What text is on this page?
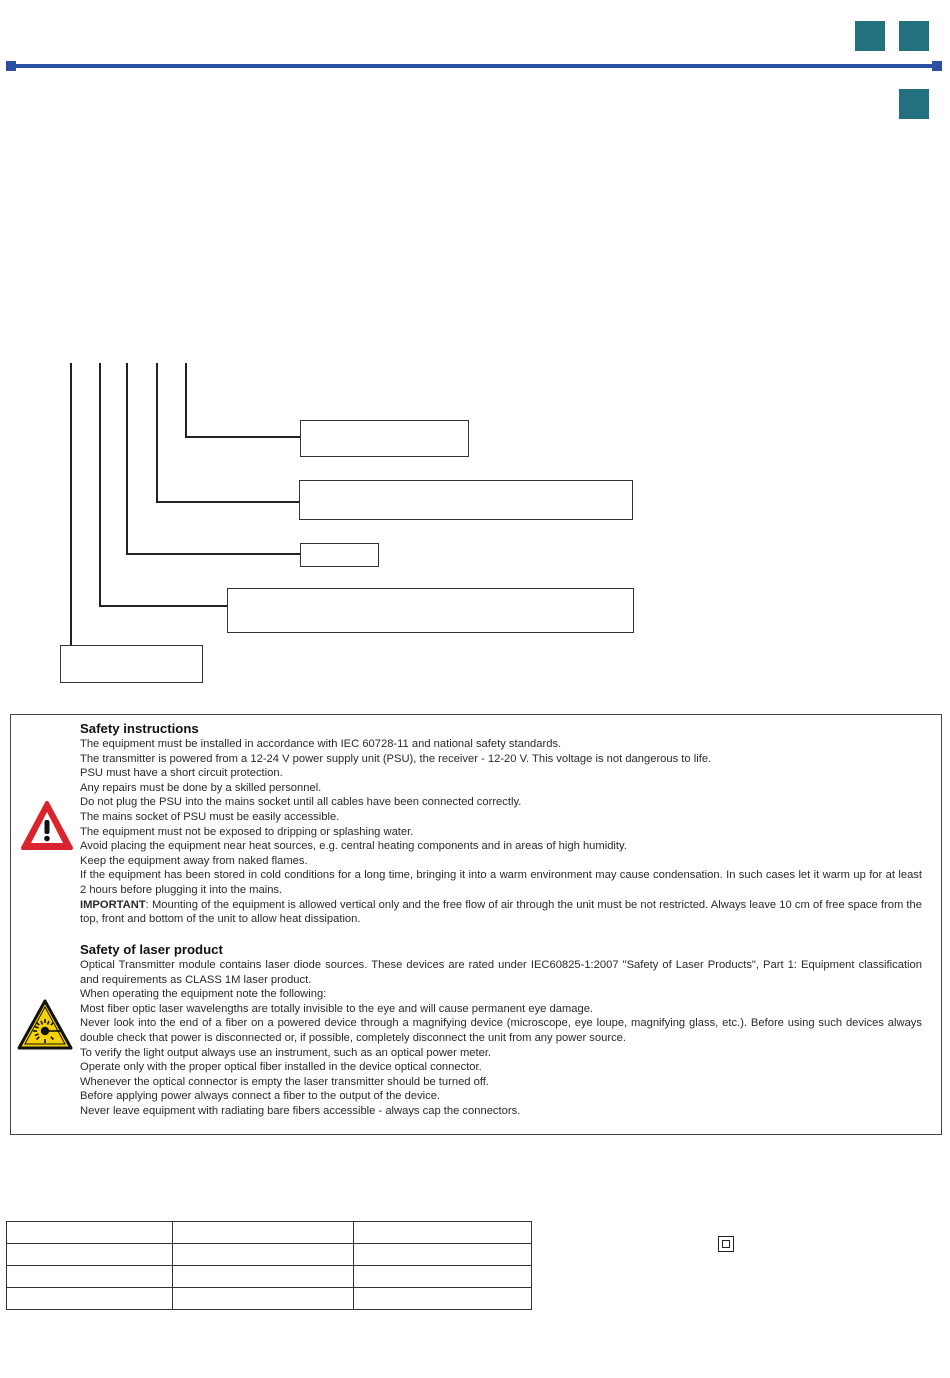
Safety instructions

The equipment must be installed in accordance with IEC 60728-11 and national safety standards.

The transmitter is powered from a 12-24 V power supply unit (PSU), the receiver - 12-20 V. This voltage is not dangerous to life.

PSU must have a short circuit protection.

Any repairs must be done by a skilled personnel.

Do not plug the PSU into the mains socket until all cables have been connected correctly.

The mains socket of PSU must be easily accessible.

The equipment must not be exposed to dripping or splashing water.

Avoid placing the equipment near heat sources, e.g. central heating components and in areas of high humidity.

Keep the equipment away from naked flames.

If the equipment has been stored in cold conditions for a long time, bringing it into a warm environment may cause condensation. In such cases let it warm up for at least 2 hours before plugging it into the mains.

IMPORTANT: Mounting of the equipment is allowed vertical only and the free flow of air through the unit must be not restricted. Always leave 10 cm of free space from the top, front and bottom of the unit to allow heat dissipation.

Safety of laser product

Optical Transmitter module contains laser diode sources. These devices are rated under IEC60825-1:2007 "Safety of Laser Products", Part 1: Equipment classification and requirements as CLASS 1M laser product.

When operating the equipment note the following:

Most fiber optic laser wavelengths are totally invisible to the eye and will cause permanent eye damage.

Never look into the end of a fiber on a powered device through a magnifying device (microscope, eye loupe, magnifying glass, etc.). Before using such devices always double check that power is disconnected or, if possible, completely disconnect the unit from any power source.

To verify the light output always use an instrument, such as an optical power meter.

Operate only with the proper optical fiber installed in the device optical connector.

Whenever the optical connector is empty the laser transmitter should be turned off.

Before applying power always connect a fiber to the output of the device.

Never leave equipment with radiating bare fibers accessible - always cap the connectors.
